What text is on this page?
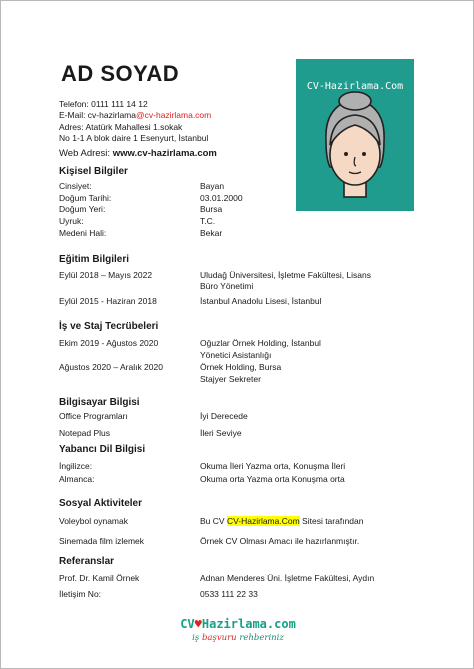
AD SOYAD
Telefon: 0111 111 14 12
E-Mail: cv-hazirlama@cv-hazirlama.com
Adres: Atatürk Mahallesi 1.sokak
No 1-1 A blok daire 1 Esenyurt, İstanbul
Web Adresi: www.cv-hazirlama.com
CV-Hazirlama.Com
Kişisel Bilgiler
Cinsiyet:	Bayan
Doğum Tarihi:	03.01.2000
Doğum Yeri:	Bursa
Uyruk:	T.C.
Medeni Hali:	Bekar
Eğitim Bilgileri
Eylül 2018 – Mayıs 2022	Uludağ Üniversitesi, İşletme Fakültesi, Lisans
Büro Yönetimi
Eylül 2015 - Haziran 2018	İstanbul Anadolu Lisesi, İstanbul
İş ve Staj Tecrübeleri
Ekim 2019 - Ağustos 2020	Oğuzlar Örnek Holding, İstanbul
Yönetici Asistanlığı
Ağustos 2020 – Aralık 2020	Örnek Holding, Bursa
Stajyer Sekreter
Bilgisayar Bilgisi
Office Programları	İyi Derecede
Notepad Plus	İleri Seviye
Yabancı Dil Bilgisi
İngilizce:	Okuma İleri Yazma orta, Konuşma İleri
Almanca:	Okuma orta Yazma orta Konuşma orta
Sosyal Aktiviteler
Voleybol oynamak	Bu CV CV-Hazirlama.Com Sitesi tarafından
Sinemada film izlemek	Örnek CV Olması Amacı ile hazırlanmıştır.
Referanslar
Prof. Dr. Kamil Örnek	Adnan Menderes Üni. İşletme Fakültesi, Aydın
İletişim No:	0533 111 22 33
CV♥Hazirlama.com
iş başvuru rehberiniz
